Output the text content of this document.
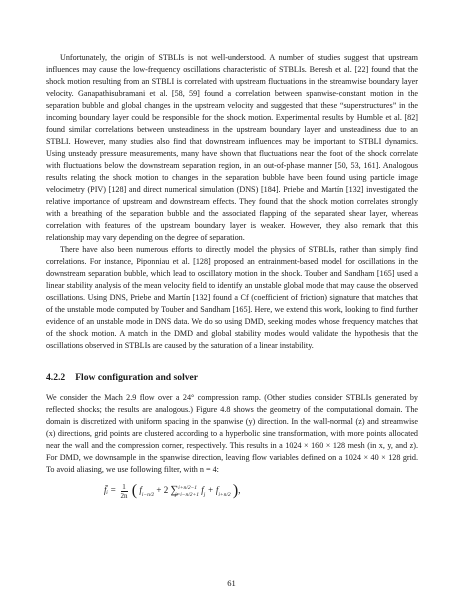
Unfortunately, the origin of STBLIs is not well-understood. A number of studies suggest that upstream influences may cause the low-frequency oscillations characteristic of STBLIs. Beresh et al. [22] found that the shock motion resulting from an STBLI is correlated with upstream fluctuations in the streamwise boundary layer velocity. Ganapathisubramani et al. [58, 59] found a correlation between spanwise-constant motion in the separation bubble and global changes in the upstream velocity and suggested that these “superstructures” in the incoming boundary layer could be responsible for the shock motion. Experimental results by Humble et al. [82] found similar correlations between unsteadiness in the upstream boundary layer and unsteadiness due to an STBLI. However, many studies also find that downstream influences may be important to STBLI dynamics. Using unsteady pressure measurements, many have shown that fluctuations near the foot of the shock correlate with fluctuations below the downstream separation region, in an out-of-phase manner [50, 53, 161]. Analogous results relating the shock motion to changes in the separation bubble have been found using particle image velocimetry (PIV) [128] and direct numerical simulation (DNS) [184]. Priebe and Martín [132] investigated the relative importance of upstream and downstream effects. They found that the shock motion correlates strongly with a breathing of the separation bubble and the associated flapping of the separated shear layer, whereas correlation with features of the upstream boundary layer is weaker. However, they also remark that this relationship may vary depending on the degree of separation.

There have also been numerous efforts to directly model the physics of STBLIs, rather than simply find correlations. For instance, Piponniau et al. [128] proposed an entrainment-based model for oscillations in the downstream separation bubble, which lead to oscillatory motion in the shock. Touber and Sandham [165] used a linear stability analysis of the mean velocity field to identify an unstable global mode that may cause the observed oscillations. Using DNS, Priebe and Martín [132] found a Cf (coefficient of friction) signature that matches that of the unstable mode computed by Touber and Sandham [165]. Here, we extend this work, looking to find further evidence of an unstable mode in DNS data. We do so using DMD, seeking modes whose frequency matches that of the shock motion. A match in the DMD and global stability modes would validate the hypothesis that the oscillations observed in STBLIs are caused by the saturation of a linear instability.

4.2.2 Flow configuration and solver

We consider the Mach 2.9 flow over a 24° compression ramp. (Other studies consider STBLIs generated by reflected shocks; the results are analogous.) Figure 4.8 shows the geometry of the computational domain. The domain is discretized with uniform spacing in the spanwise (y) direction. In the wall-normal (z) and streamwise (x) directions, grid points are clustered according to a hyperbolic sine transformation, with more points allocated near the wall and the compression corner, respectively. This results in a 1024 × 160 × 128 mesh (in x, y, and z). For DMD, we downsample in the spanwise direction, leaving flow variables defined on a 1024 × 40 × 128 grid. To avoid aliasing, we use following filter, with n = 4:

f̄ᵢ = $\frac{1}{2n}$ ( $f_{i-n/2} + 2$ ∑$^{i+n/2-1}_{j=i-n/2+1}$ $f_j + f_{i+n/2}$ ),
61
